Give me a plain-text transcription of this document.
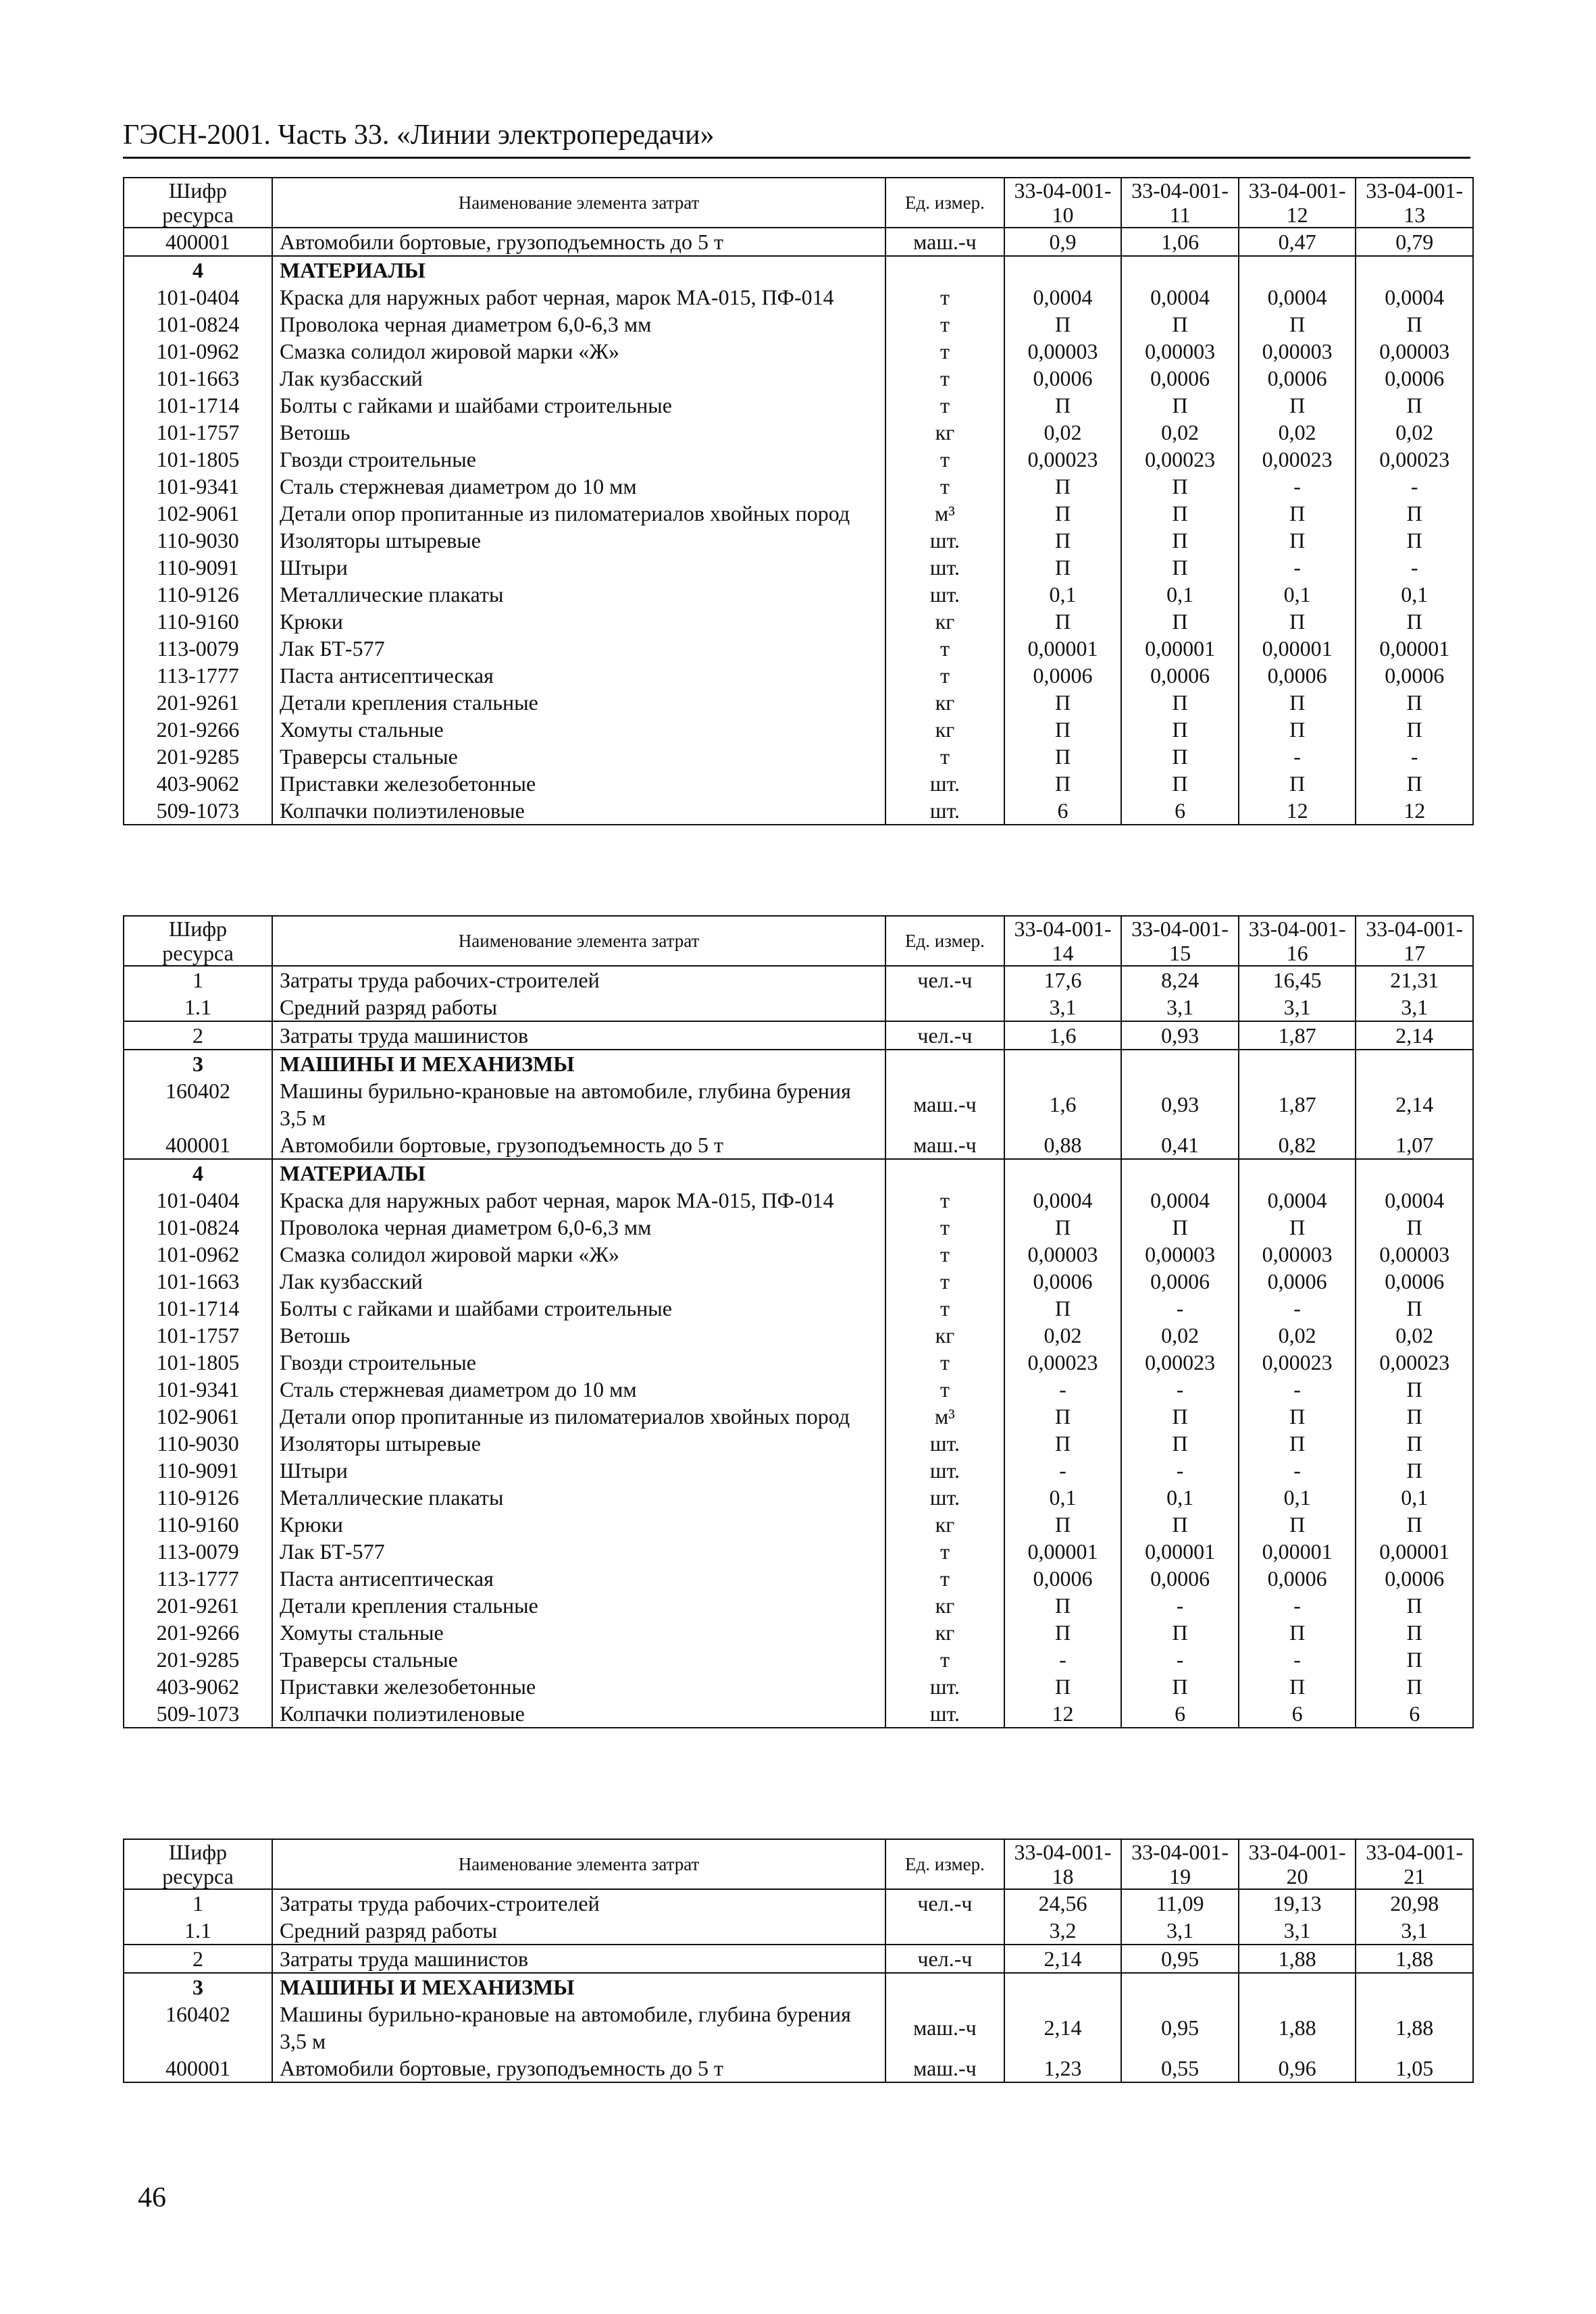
ГЭСН-2001. Часть 33. «Линии электропередачи»
Шифр ресурса	Наименование элемента затрат	Ед. измер.	33-04-001-10	33-04-001-11	33-04-001-12	33-04-001-13
400001	Автомобили бортовые, грузоподъемность до 5 т	маш.-ч	0,9	1,06	0,47	0,79
4	МАТЕРИАЛЫ					
101-0404	Краска для наружных работ черная, марок МА-015, ПФ-014	т	0,0004	0,0004	0,0004	0,0004
101-0824	Проволока черная диаметром 6,0-6,3 мм	т	П	П	П	П
101-0962	Смазка солидол жировой марки «Ж»	т	0,00003	0,00003	0,00003	0,00003
101-1663	Лак кузбасский	т	0,0006	0,0006	0,0006	0,0006
101-1714	Болты с гайками и шайбами строительные	т	П	П	П	П
101-1757	Ветошь	кг	0,02	0,02	0,02	0,02
101-1805	Гвозди строительные	т	0,00023	0,00023	0,00023	0,00023
101-9341	Сталь стержневая диаметром до 10 мм	т	П	П	-	-
102-9061	Детали опор пропитанные из пиломатериалов хвойных пород	м³	П	П	П	П
110-9030	Изоляторы штыревые	шт.	П	П	П	П
110-9091	Штыри	шт.	П	П	-	-
110-9126	Металлические плакаты	шт.	0,1	0,1	0,1	0,1
110-9160	Крюки	кг	П	П	П	П
113-0079	Лак БТ-577	т	0,00001	0,00001	0,00001	0,00001
113-1777	Паста антисептическая	т	0,0006	0,0006	0,0006	0,0006
201-9261	Детали крепления стальные	кг	П	П	П	П
201-9266	Хомуты стальные	кг	П	П	П	П
201-9285	Траверсы стальные	т	П	П	-	-
403-9062	Приставки железобетонные	шт.	П	П	П	П
509-1073	Колпачки полиэтиленовые	шт.	6	6	12	12
Шифр ресурса	Наименование элемента затрат	Ед. измер.	33-04-001-14	33-04-001-15	33-04-001-16	33-04-001-17
1	Затраты труда рабочих-строителей	чел.-ч	17,6	8,24	16,45	21,31
1.1	Средний разряд работы		3,1	3,1	3,1	3,1
2	Затраты труда машинистов	чел.-ч	1,6	0,93	1,87	2,14
3	МАШИНЫ И МЕХАНИЗМЫ					
160402	Машины бурильно-крановые на автомобиле, глубина бурения 3,5 м	маш.-ч	1,6	0,93	1,87	2,14
400001	Автомобили бортовые, грузоподъемность до 5 т	маш.-ч	0,88	0,41	0,82	1,07
4	МАТЕРИАЛЫ					
101-0404	Краска для наружных работ черная, марок МА-015, ПФ-014	т	0,0004	0,0004	0,0004	0,0004
101-0824	Проволока черная диаметром 6,0-6,3 мм	т	П	П	П	П
101-0962	Смазка солидол жировой марки «Ж»	т	0,00003	0,00003	0,00003	0,00003
101-1663	Лак кузбасский	т	0,0006	0,0006	0,0006	0,0006
101-1714	Болты с гайками и шайбами строительные	т	П	-	-	П
101-1757	Ветошь	кг	0,02	0,02	0,02	0,02
101-1805	Гвозди строительные	т	0,00023	0,00023	0,00023	0,00023
101-9341	Сталь стержневая диаметром до 10 мм	т	-	-	-	П
102-9061	Детали опор пропитанные из пиломатериалов хвойных пород	м³	П	П	П	П
110-9030	Изоляторы штыревые	шт.	П	П	П	П
110-9091	Штыри	шт.	-	-	-	П
110-9126	Металлические плакаты	шт.	0,1	0,1	0,1	0,1
110-9160	Крюки	кг	П	П	П	П
113-0079	Лак БТ-577	т	0,00001	0,00001	0,00001	0,00001
113-1777	Паста антисептическая	т	0,0006	0,0006	0,0006	0,0006
201-9261	Детали крепления стальные	кг	П	-	-	П
201-9266	Хомуты стальные	кг	П	П	П	П
201-9285	Траверсы стальные	т	-	-	-	П
403-9062	Приставки железобетонные	шт.	П	П	П	П
509-1073	Колпачки полиэтиленовые	шт.	12	6	6	6
Шифр ресурса	Наименование элемента затрат	Ед. измер.	33-04-001-18	33-04-001-19	33-04-001-20	33-04-001-21
1	Затраты труда рабочих-строителей	чел.-ч	24,56	11,09	19,13	20,98
1.1	Средний разряд работы		3,2	3,1	3,1	3,1
2	Затраты труда машинистов	чел.-ч	2,14	0,95	1,88	1,88
3	МАШИНЫ И МЕХАНИЗМЫ					
160402	Машины бурильно-крановые на автомобиле, глубина бурения 3,5 м	маш.-ч	2,14	0,95	1,88	1,88
400001	Автомобили бортовые, грузоподъемность до 5 т	маш.-ч	1,23	0,55	0,96	1,05
46
